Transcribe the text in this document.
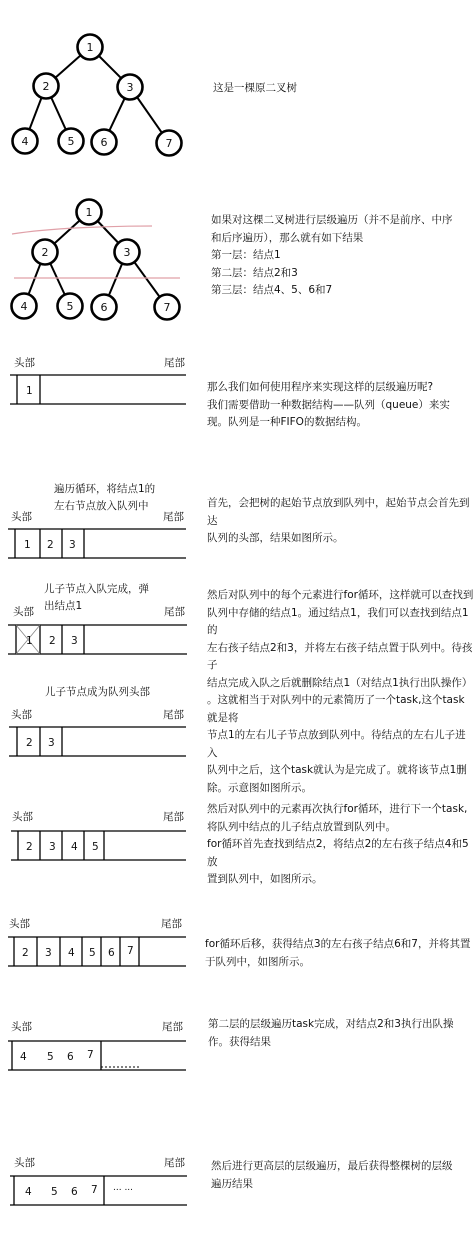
1
2	3
4	5 6	7
这是一棵原二叉树
1
2	3
4	5 6	7
如果对这棵二叉树进行层级遍历（并不是前序、中序
和后序遍历），那么就有如下结果
第一层：结点1
第二层：结点2和3
第三层：结点4、5、6和7
头部	尾部
1	那么我们如何使用程序来实现这样的层级遍历呢?
我们需要借助一种数据结构——队列（queue）来实
现。队列是一种FIFO的数据结构。
遍历循环，将结点1的
左右节点放入队列中
头部	尾部
1 2 3
首先，会把树的起始节点放到队列中，起始节点会首先到达
队列的头部，结果如图所示。
儿子节点入队完成，弹
出结点1
头部	尾部
1 2 3
然后对队列中的每个元素进行for循环，这样就可以查找到
队列中存储的结点1。通过结点1，我们可以查找到结点1的
左右孩子结点2和3，并将左右孩子结点置于队列中。待孩子
结点完成入队之后就删除结点1（对结点1执行出队操作）
。这就相当于对队列中的元素简历了一个task,这个task就是将
节点1的左右儿子节点放到队列中。待结点的左右儿子进入
队列中之后，这个task就认为是完成了。就将该节点1删
除。示意图如图所示。
儿子节点成为队列头部
头部	尾部
2 3
头部	尾部
2 3 4 5
然后对队列中的元素再次执行for循环，进行下一个task,
将队列中结点的儿子结点放置到队列中。
for循环首先查找到结点2，将结点2的左右孩子结点4和5放
置到队列中，如图所示。
头部	尾部
2 3 4 5 6 7
for循环后移，获得结点3的左右孩子结点6和7，并将其置
于队列中，如图所示。
头部	尾部
4 5 6 7
第二层的层级遍历task完成，对结点2和3执行出队操
作。获得结果
头部	尾部
4 5 6 7 ... ...
然后进行更高层的层级遍历，最后获得整棵树的层级
遍历结果
